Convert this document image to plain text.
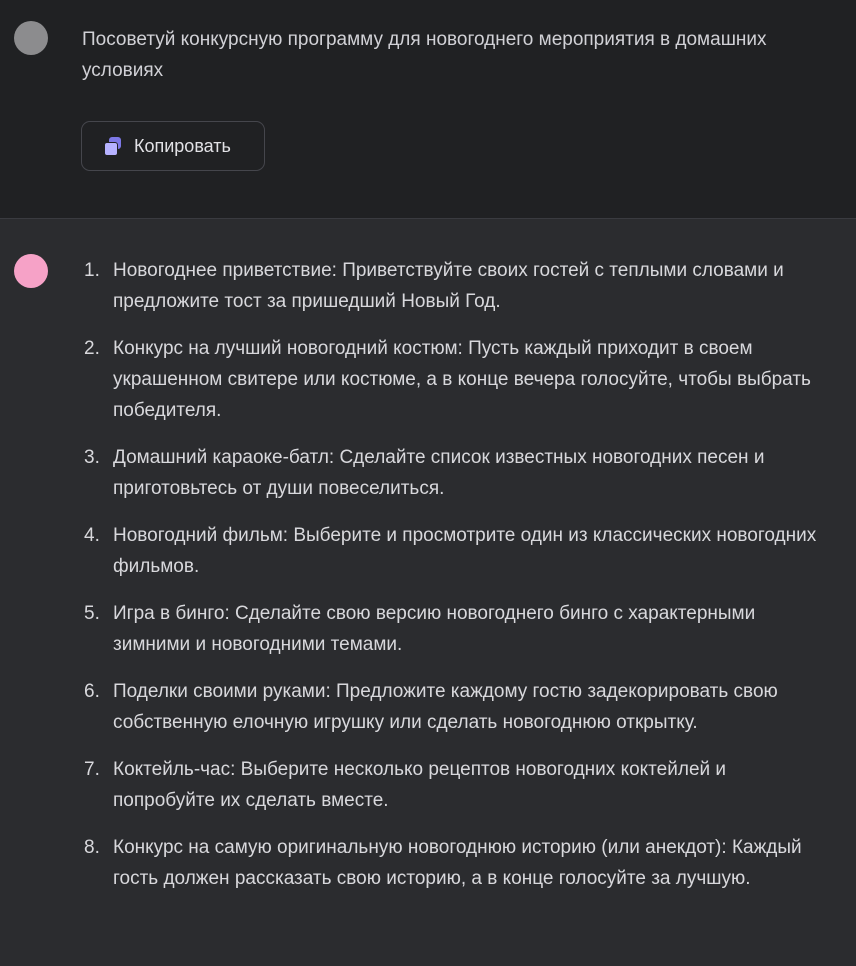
Посоветуй конкурсную программу для новогоднего мероприятия в домашних условиях
Копировать
1. Новогоднее приветствие: Приветствуйте своих гостей с теплыми словами и предложите тост за пришедший Новый Год.
2. Конкурс на лучший новогодний костюм: Пусть каждый приходит в своем украшенном свитере или костюме, а в конце вечера голосуйте, чтобы выбрать победителя.
3. Домашний караоке-батл: Сделайте список известных новогодних песен и приготовьтесь от души повеселиться.
4. Новогодний фильм: Выберите и просмотрите один из классических новогодних фильмов.
5. Игра в бинго: Сделайте свою версию новогоднего бинго с характерными зимними и новогодними темами.
6. Поделки своими руками: Предложите каждому гостю задекорировать свою собственную елочную игрушку или сделать новогоднюю открытку.
7. Коктейль-час: Выберите несколько рецептов новогодних коктейлей и попробуйте их сделать вместе.
8. Конкурс на самую оригинальную новогоднюю историю (или анекдот): Каждый гость должен рассказать свою историю, а в конце голосуйте за лучшую.
